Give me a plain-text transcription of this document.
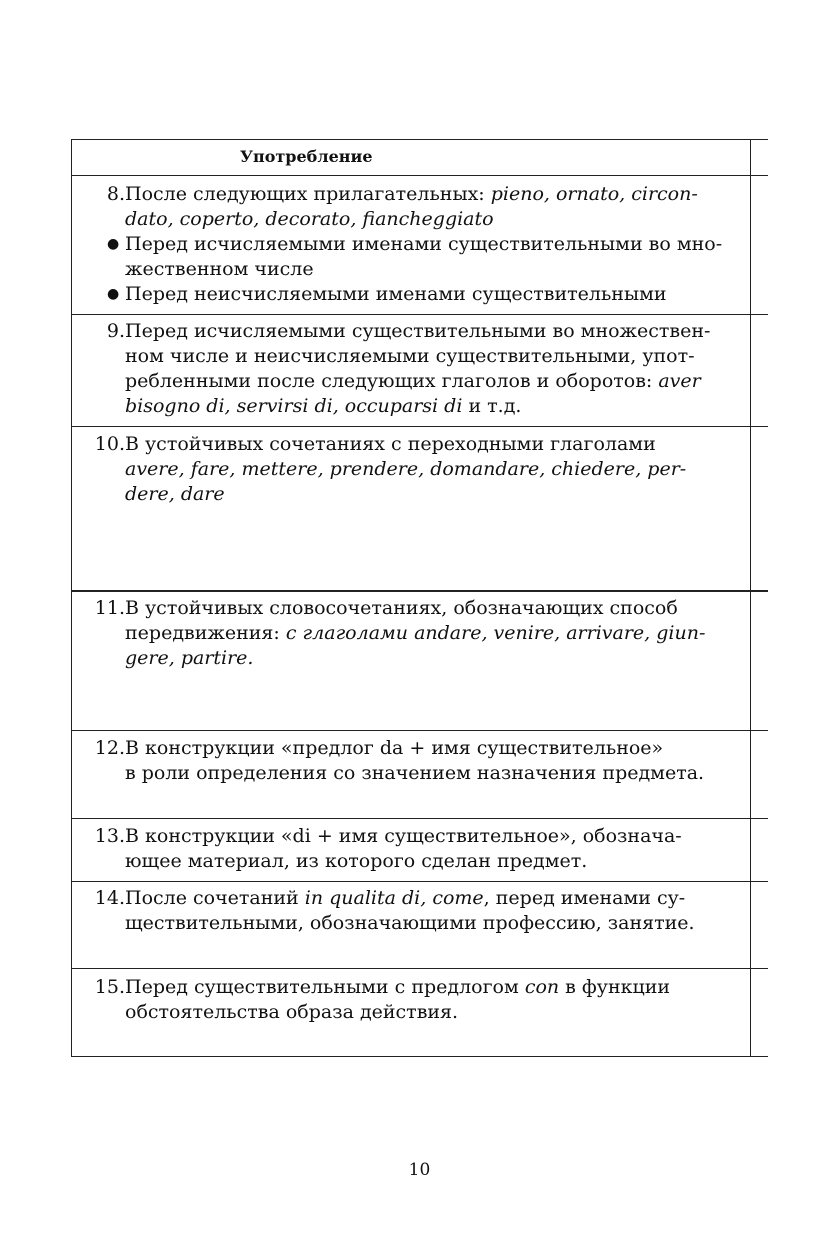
Употребление
8. После следующих прилагательных: pieno, ornato, circon-
dato, coperto, decorato, fiancheggiato
● Перед исчисляемыми именами существительными во мно-
жественном числе
● Перед неисчисляемыми именами существительными
9. Перед исчисляемыми существительными во множествен-
ном числе и неисчисляемыми существительными, упот-
ребленными после следующих глаголов и оборотов: aver
bisogno di, servirsi di, occuparsi di и т.д.
10. В устойчивых сочетаниях с переходными глаголами
avere, fare, mettere, prendere, domandare, chiedere, per-
dere, dare
11. В устойчивых словосочетаниях, обозначающих способ
передвижения: с глаголами andare, venire, arrivare, giun-
gere, partire.
12. В конструкции «предлог da + имя существительное»
в роли определения со значением назначения предмета.
13. В конструкции «di + имя существительное», обознача-
ющее материал, из которого сделан предмет.
14. После сочетаний in qualita di, come, перед именами су-
ществительными, обозначающими профессию, занятие.
15. Перед существительными с предлогом con в функции
обстоятельства образа действия.
10
